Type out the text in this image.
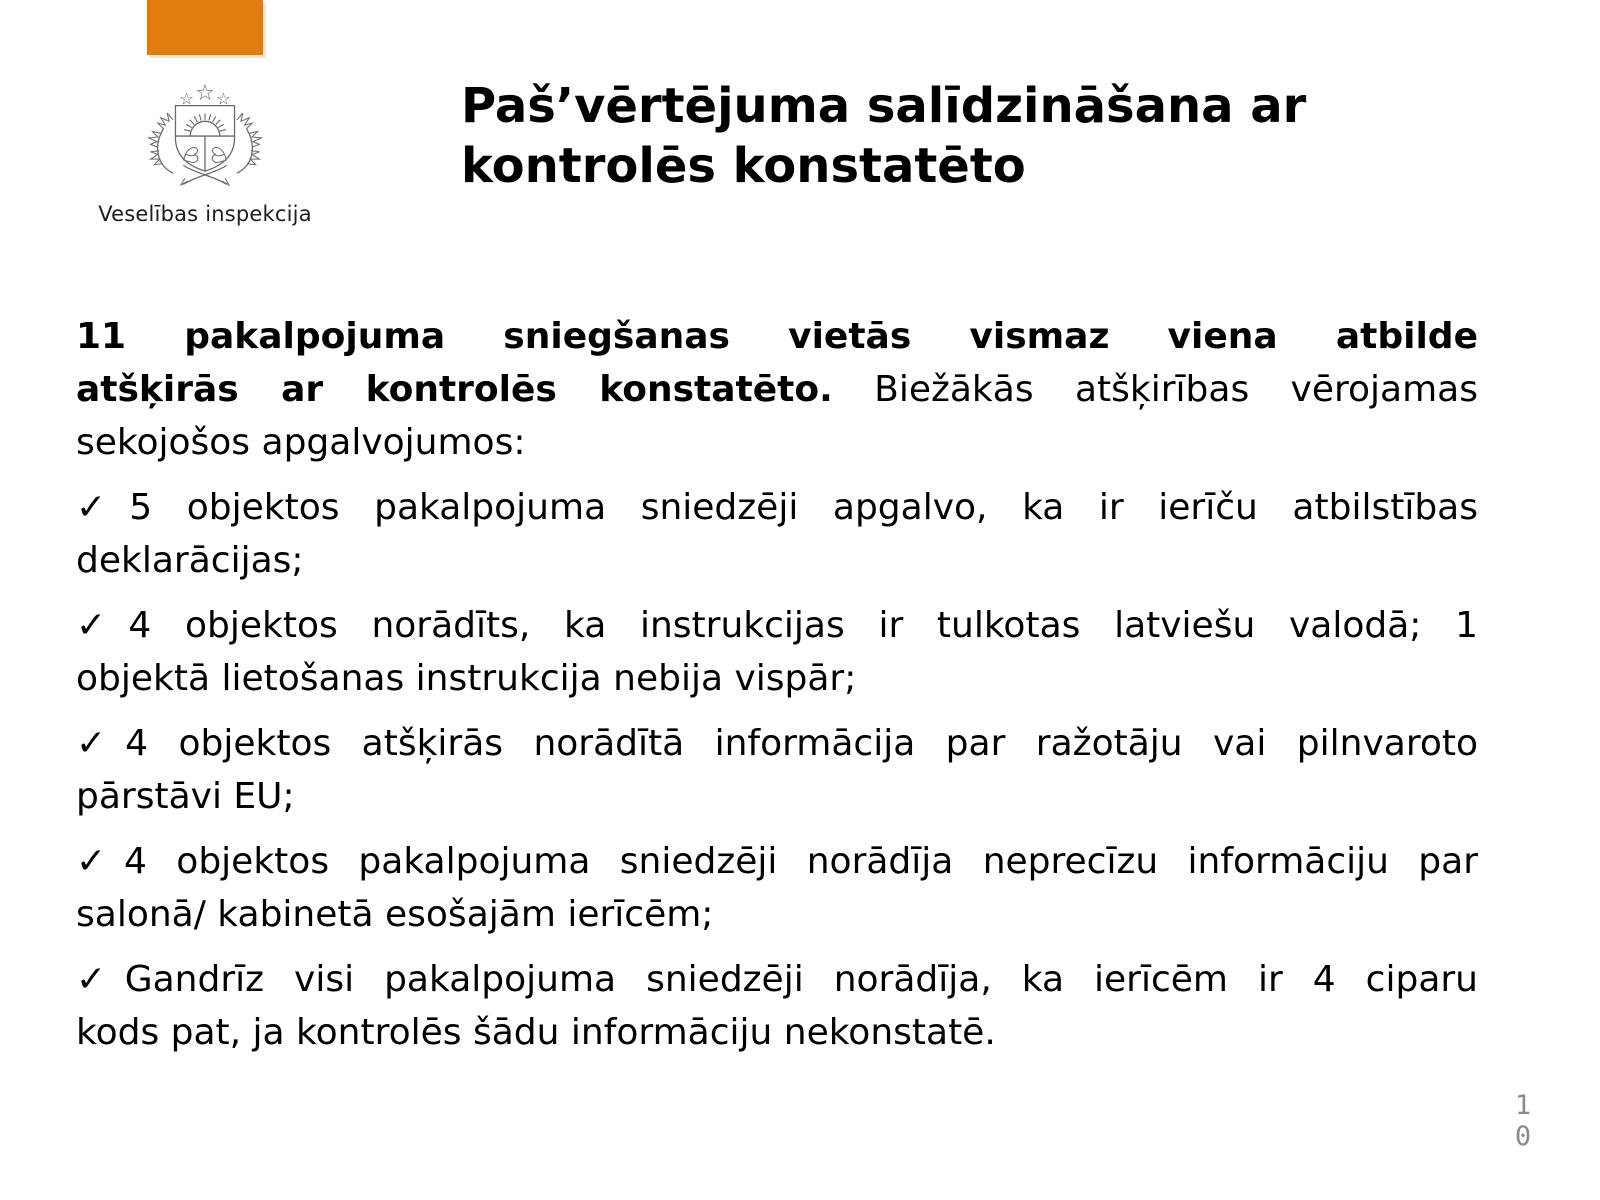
☆
☆ ☆
Veselības inspekcija
Paš’vērtējuma salīdzināšana ar
kontrolēs konstatēto
11 pakalpojuma sniegšanas vietās vismaz viena atbilde
atšķirās ar kontrolēs konstatēto. Biežākās atšķirības vērojamas
sekojošos apgalvojumos:
✓5 objektos pakalpojuma sniedzēji apgalvo, ka ir ierīču atbilstības
deklarācijas;
✓4 objektos norādīts, ka instrukcijas ir tulkotas latviešu valodā; 1
objektā lietošanas instrukcija nebija vispār;
✓4 objektos atšķirās norādītā informācija par ražotāju vai pilnvaroto
pārstāvi EU;
✓4 objektos pakalpojuma sniedzēji norādīja neprecīzu informāciju par
salonā/ kabinetā esošajām ierīcēm;
✓Gandrīz visi pakalpojuma sniedzēji norādīja, ka ierīcēm ir 4 ciparu
kods pat, ja kontrolēs šādu informāciju nekonstatē.
1
0
